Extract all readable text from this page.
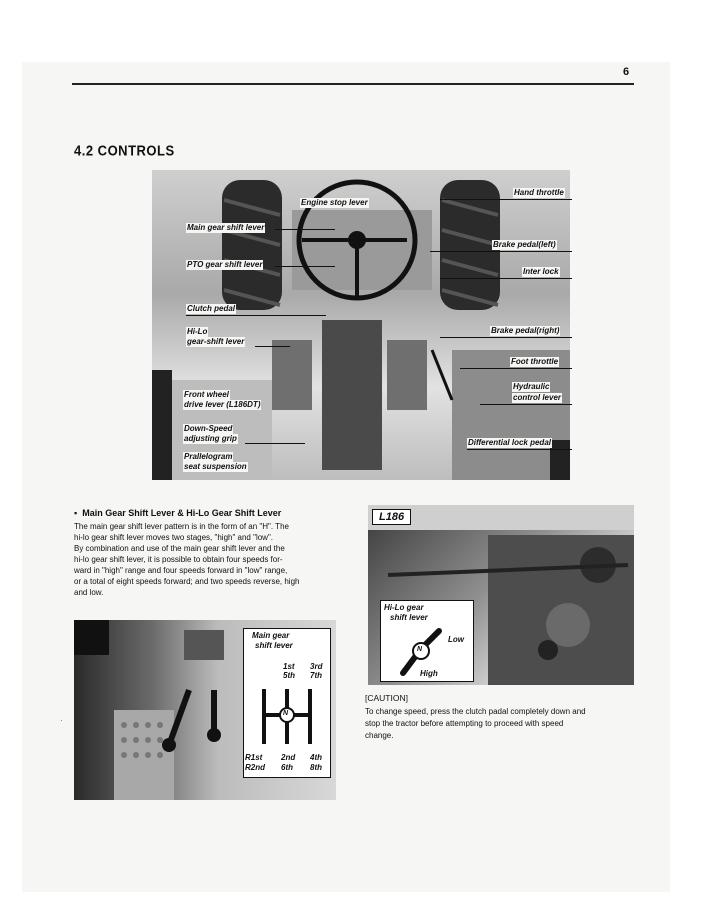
6
4.2 CONTROLS
Engine stop lever
Main gear shift lever
PTO gear shift lever
Clutch pedal
Hi-Lo
gear-shift lever
Front wheel
drive lever (L186DT)
Down-Speed
adjusting grip
Prallelogram
seat suspension
Hand throttle
Brake pedal(left)
Inter lock
Brake pedal(right)
Foot throttle
Hydraulic
control lever
Differential lock pedal
▪ Main Gear Shift Lever & Hi-Lo Gear Shift Lever
The main gear shift lever pattern is in the form of an "H". The
hi-lo gear shift lever moves two stages, "high" and "low".
By combination and use of the main gear shift lever and the
hi-lo gear shift lever, it is possible to obtain four speeds for-
ward in "high" range and four speeds forward in "low" range,
or a total of eight speeds forward; and two speeds reverse, high
and low.
Main gear
shift lever
1st
5th
3rd
7th
N
R1st
R2nd
2nd
6th
4th
8th
·
L186
Hi-Lo gear
shift lever
Low
N
High
[CAUTION]
To change speed, press the clutch padal completely down and
stop the tractor before attempting to proceed with speed
change.
